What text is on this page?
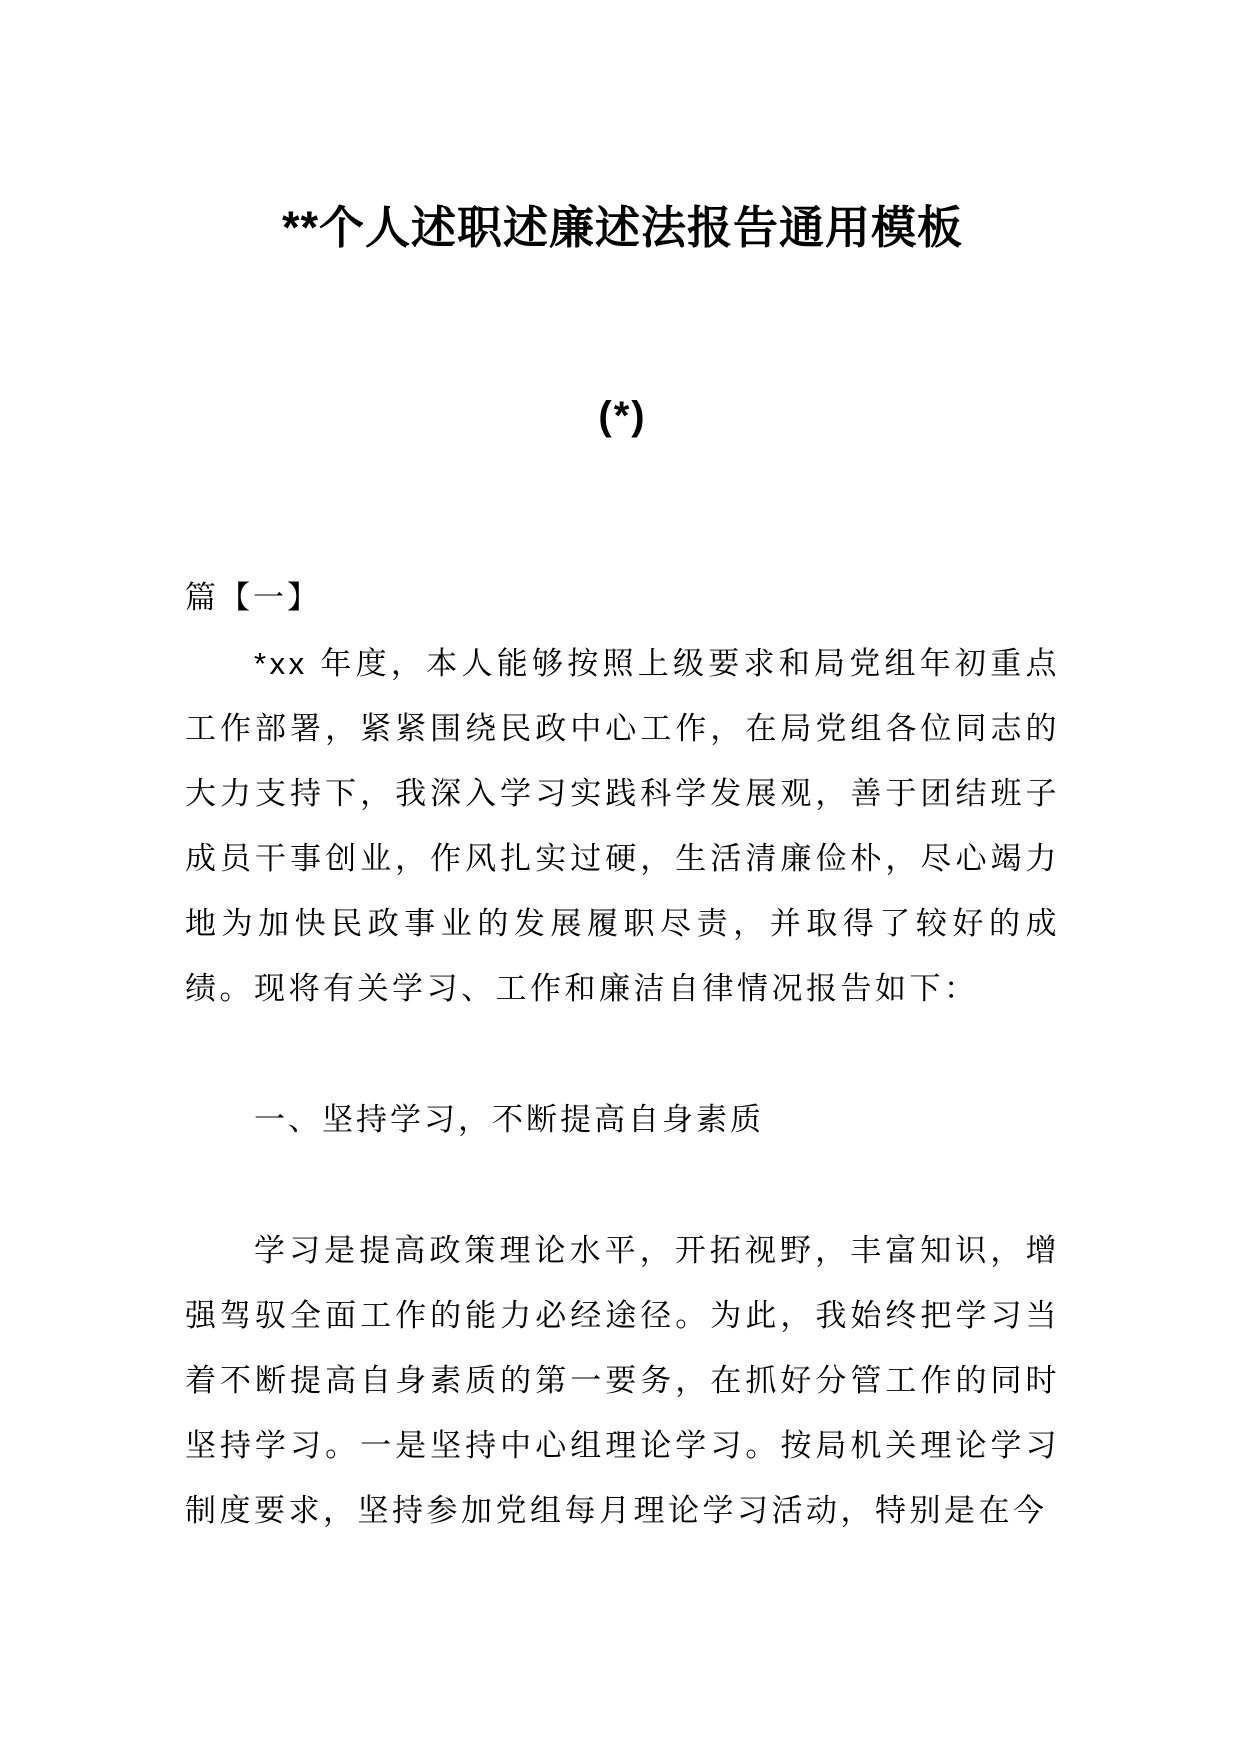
**个人述职述廉述法报告通用模板
(*)
篇【一】
*xx 年度，本人能够按照上级要求和局党组年初重点工作部署，紧紧围绕民政中心工作，在局党组各位同志的大力支持下，我深入学习实践科学发展观，善于团结班子成员干事创业，作风扎实过硬，生活清廉俭朴，尽心竭力地为加快民政事业的发展履职尽责，并取得了较好的成绩。现将有关学习、工作和廉洁自律情况报告如下：
一、坚持学习，不断提高自身素质
学习是提高政策理论水平，开拓视野，丰富知识，增强驾驭全面工作的能力必经途径。为此，我始终把学习当着不断提高自身素质的第一要务，在抓好分管工作的同时坚持学习。一是坚持中心组理论学习。按局机关理论学习制度要求，坚持参加党组每月理论学习活动，特别是在今
